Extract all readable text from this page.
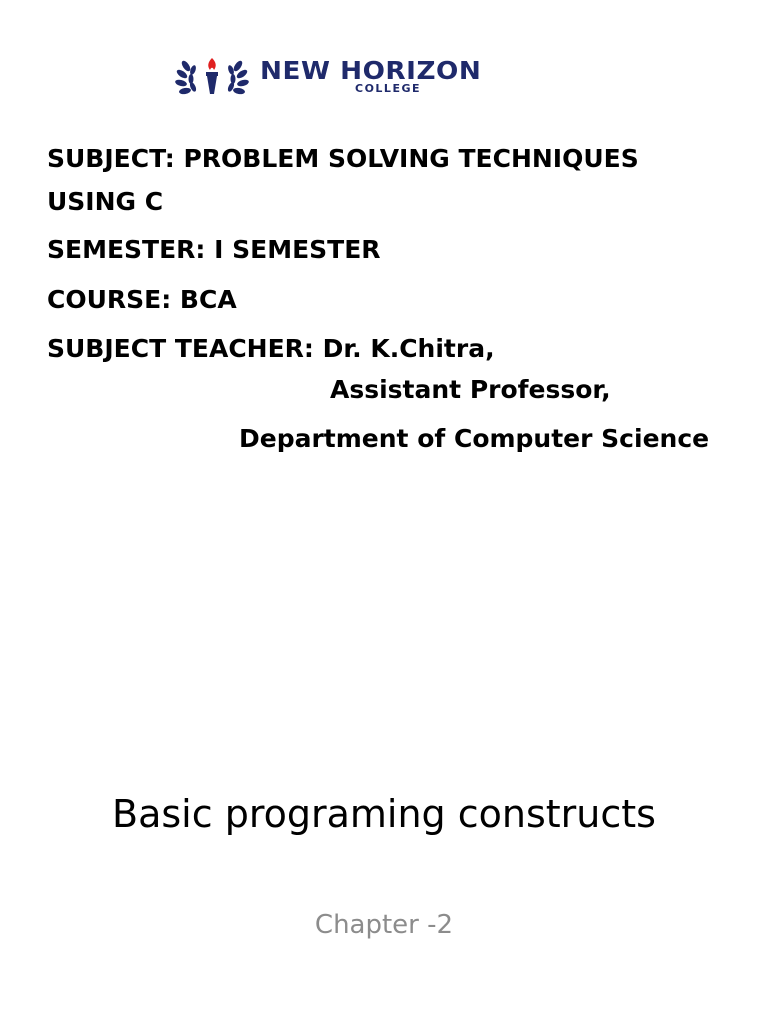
NEW HORIZON
COLLEGE
SUBJECT: PROBLEM SOLVING TECHNIQUES
USING C
SEMESTER: I SEMESTER
COURSE: BCA
SUBJECT TEACHER: Dr. K.Chitra,
Assistant Professor,
Department of Computer Science
Basic programing constructs
Chapter -2
